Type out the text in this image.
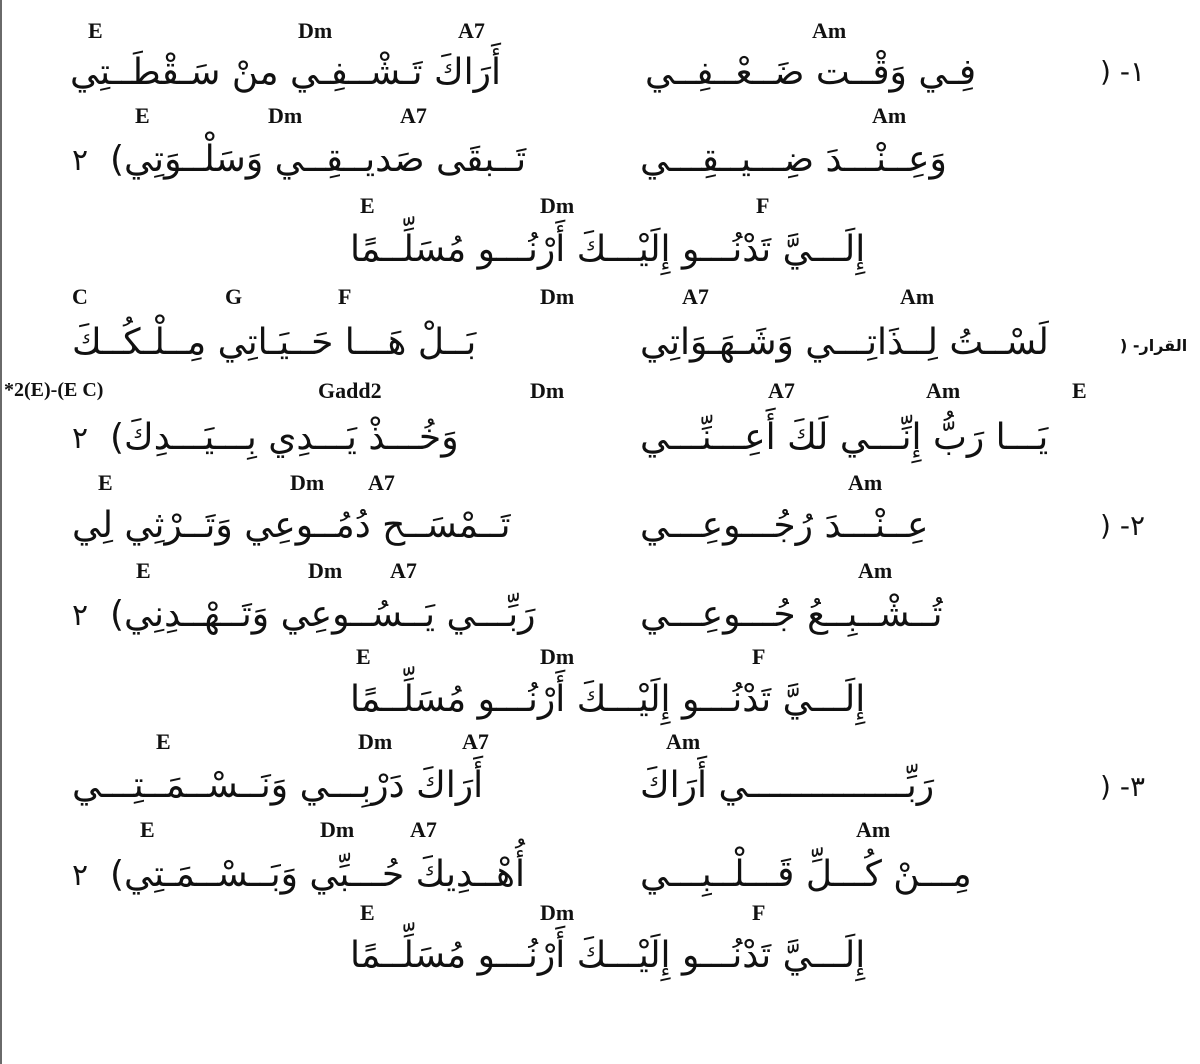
E	Dm	A7	Am
١- (
فِـي وَقْــت ضَــعْــفِــي
أَرَاكَ تَـشْــفِـي منْ سَـقْطَــتِي
E	Dm	A7	Am
وَعِــنْـــدَ ضِـــيــقِـــي
تَــبقَى صَديــقِــي وَسَلْــوَتِي)
٢
E	Dm	F
إِلَـــيَّ تَدْنُـــو إِلَيْـــكَ أَرْنُـــو مُسَلِّــمًا
C	G	F	Dm	A7	Am
القرار- (
لَسْــتُ لِــذَاتِـــي وَشَـهَـوَاتِي
بَــلْ هَـــا حَــيَـاتِي مِــلْـكُــكَ
*2(E)-(E C)	Gadd2	Dm	A7	Am	E
يَـــا رَبُّ إِنِّـــي لَكَ أَعِـــنِّـــي
وَخُـــذْ يَـــدِي بِـــيَـــدِكَ)
٢
E	Dm A7	Am
٢- (
عِــنْـــدَ رُجُـــوعِـــي
تَــمْسَــح دُمُــوعِي وَتَــرْثِي لِي
E	Dm A7	Am
تُــشْــبِــعُ جُـــوعِـــي
رَبِّـــي يَــسُــوعِي وَتَــهْــدِنِي)
٢
E	Dm	F
إِلَـــيَّ تَدْنُـــو إِلَيْـــكَ أَرْنُـــو مُسَلِّــمًا
E	Dm	A7	Am
٣- (
رَبِّـــــــــــــــي أَرَاكَ
أَرَاكَ دَرْبِـــي وَنَــسْــمَــتِـــي
E	Dm	A7	Am
مِـــنْ كُـــلِّ قَـــلْــبِـــي
أُهْــدِيكَ حُـــبِّي وَبَــسْــمَـتِي)
٢
E	Dm	F
إِلَـــيَّ تَدْنُـــو إِلَيْـــكَ أَرْنُـــو مُسَلِّــمًا
